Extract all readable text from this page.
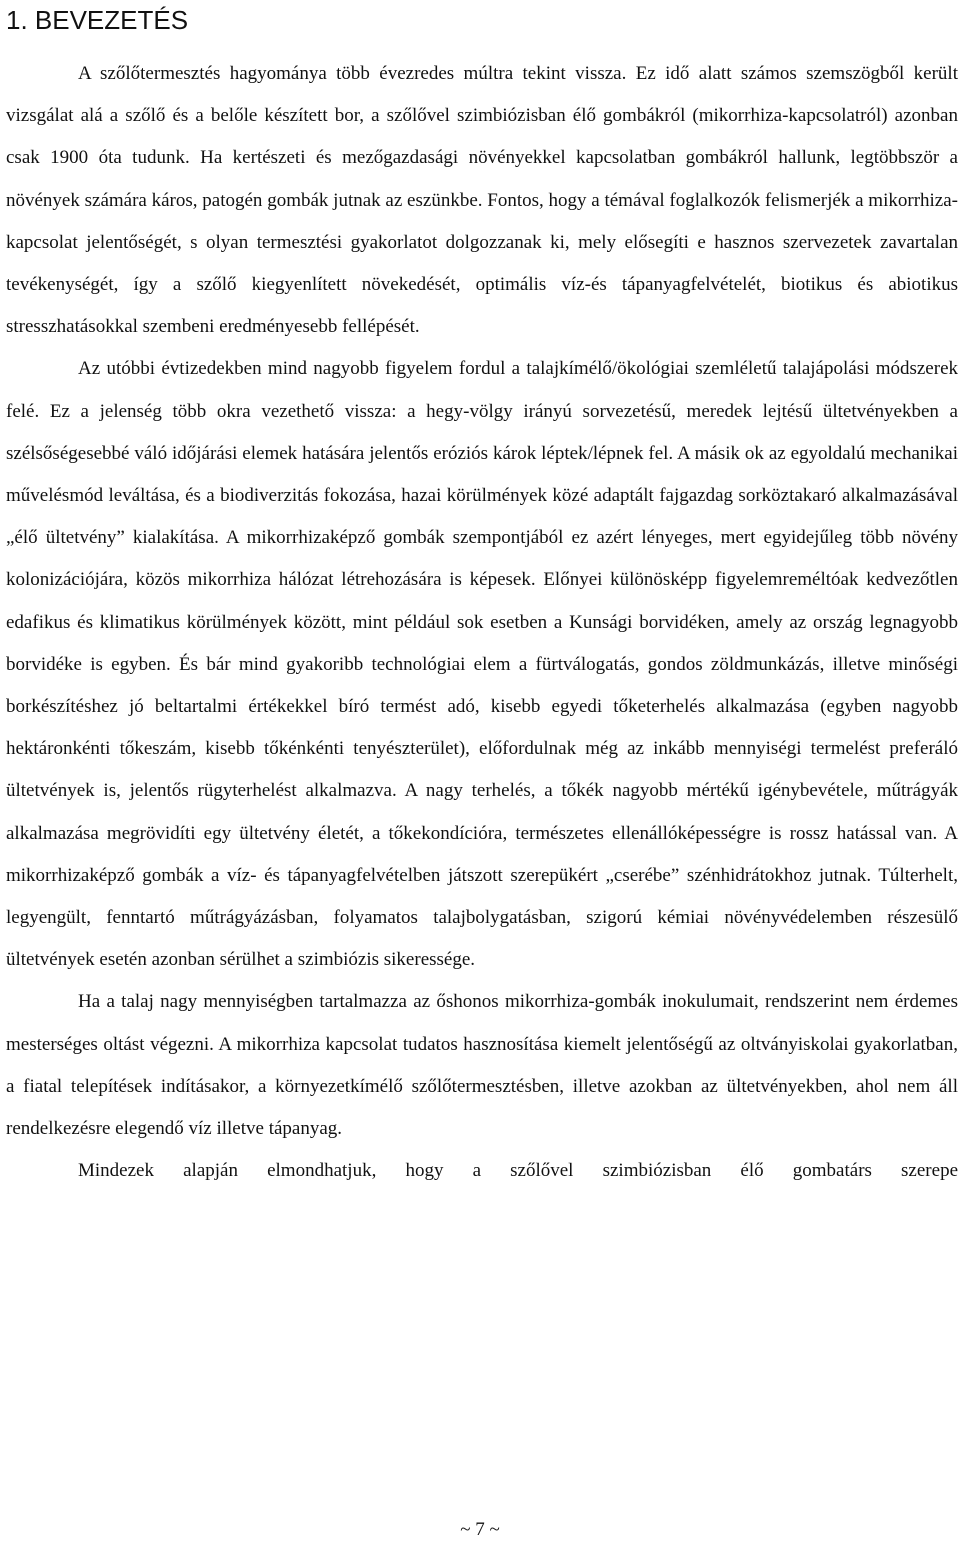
1. BEVEZETÉS

A szőlőtermesztés hagyománya több évezredes múltra tekint vissza. Ez idő alatt számos szemszögből került vizsgálat alá a szőlő és a belőle készített bor, a szőlővel szimbiózisban élő gombákról (mikorrhiza-kapcsolatról) azonban csak 1900 óta tudunk. Ha kertészeti és mezőgazdasági növényekkel kapcsolatban gombákról hallunk, legtöbbször a növények számára káros, patogén gombák jutnak az eszünkbe. Fontos, hogy a témával foglalkozók felismerjék a mikorrhiza-kapcsolat jelentőségét, s olyan termesztési gyakorlatot dolgozzanak ki, mely elősegíti e hasznos szervezetek zavartalan tevékenységét, így a szőlő kiegyenlített növekedését, optimális víz-és tápanyagfelvételét, biotikus és abiotikus stresszhatásokkal szembeni eredményesebb fellépését.

Az utóbbi évtizedekben mind nagyobb figyelem fordul a talajkímélő/ökológiai szemléletű talajápolási módszerek felé. Ez a jelenség több okra vezethető vissza: a hegy-völgy irányú sorvezetésű, meredek lejtésű ültetvényekben a szélsőségesebbé váló időjárási elemek hatására jelentős eróziós károk léptek/lépnek fel. A másik ok az egyoldalú mechanikai művelésmód leváltása, és a biodiverzitás fokozása, hazai körülmények közé adaptált fajgazdag sorköztakaró alkalmazásával „élő ültetvény” kialakítása. A mikorrhizaképző gombák szempontjából ez azért lényeges, mert egyidejűleg több növény kolonizációjára, közös mikorrhiza hálózat létrehozására is képesek. Előnyei különösképp figyelemreméltóak kedvezőtlen edafikus és klimatikus körülmények között, mint például sok esetben a Kunsági borvidéken, amely az ország legnagyobb borvidéke is egyben. És bár mind gyakoribb technológiai elem a fürtválogatás, gondos zöldmunkázás, illetve minőségi borkészítéshez jó beltartalmi értékekkel bíró termést adó, kisebb egyedi tőketerhelés alkalmazása (egyben nagyobb hektáronkénti tőkeszám, kisebb tőkénkénti tenyészterület), előfordulnak még az inkább mennyiségi termelést preferáló ültetvények is, jelentős rügyterhelést alkalmazva. A nagy terhelés, a tőkék nagyobb mértékű igénybevétele, műtrágyák alkalmazása megrövidíti egy ültetvény életét, a tőkekondícióra, természetes ellenállóképességre is rossz hatással van. A mikorrhizaképző gombák a víz- és tápanyagfelvételben játszott szerepükért „cserébe” szénhidrátokhoz jutnak. Túlterhelt, legyengült, fenntartó műtrágyázásban, folyamatos talajbolygatásban, szigorú kémiai növényvédelemben részesülő ültetvények esetén azonban sérülhet a szimbiózis sikeressége.

Ha a talaj nagy mennyiségben tartalmazza az őshonos mikorrhiza-gombák inokulumait, rendszerint nem érdemes mesterséges oltást végezni. A mikorrhiza kapcsolat tudatos hasznosítása kiemelt jelentőségű az oltványiskolai gyakorlatban, a fiatal telepítések indításakor, a környezetkímélő szőlőtermesztésben, illetve azokban az ültetvényekben, ahol nem áll rendelkezésre elegendő víz illetve tápanyag.

Mindezek alapján elmondhatjuk, hogy a szőlővel szimbiózisban élő gombatárs szerepe

~ 7 ~
